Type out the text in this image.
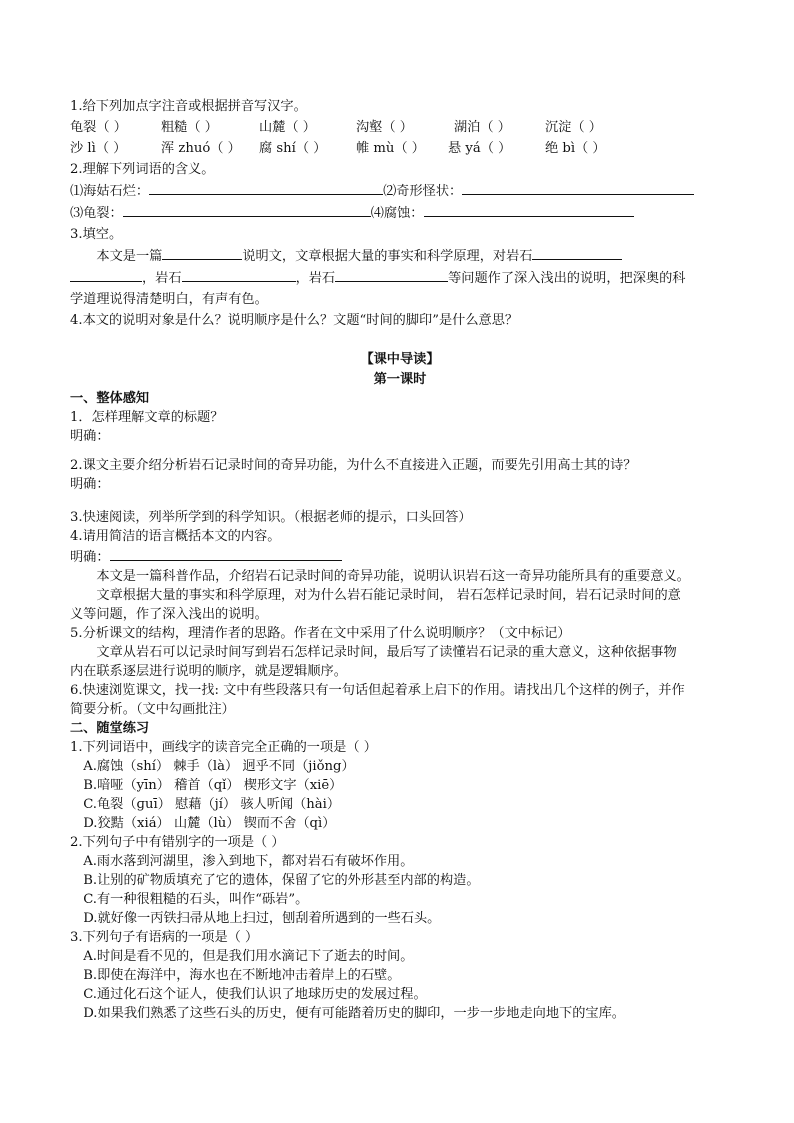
1.给下列加点字注音或根据拼音写汉字。
龟裂（ ）	粗糙（ ）	山麓（ ）	沟壑（ ）	湖泊（ ）	沉淀（ ）
沙 lì（ ）	浑 zhuó（ ） 腐 shí（ ） 帷 mù（ ） 悬 yá（ ）	绝 bì（ ）
2.理解下列词语的含义。
⑴海姑石烂：	⑵奇形怪状：
⑶龟裂：	⑷腐蚀：
3.填空。
本文是一篇	说明文，文章根据大量的事实和科学原理，对岩石
，岩石	，岩石	等问题作了深入浅出的说明，把深奥的科
学道理说得清楚明白，有声有色。
4.本文的说明对象是什么？说明顺序是什么？文题“时间的脚印”是什么意思？
【课中导读】
第一课时
一、整体感知
1．怎样理解文章的标题？
明确：
2.课文主要介绍分析岩石记录时间的奇异功能，为什么不直接进入正题，而要先引用高士其的诗？
明确：
3.快速阅读，列举所学到的科学知识。（根据老师的提示，口头回答）
4.请用简洁的语言概括本文的内容。
明确：
本文是一篇科普作品，介绍岩石记录时间的奇异功能，说明认识岩石这一奇异功能所具有的重要意义。
文章根据大量的事实和科学原理，对为什么岩石能记录时间， 岩石怎样记录时间，岩石记录时间的意
义等问题，作了深入浅出的说明。
5.分析课文的结构，理清作者的思路。作者在文中采用了什么说明顺序？（文中标记）
文章从岩石可以记录时间写到岩石怎样记录时间，最后写了读懂岩石记录的重大意义，这种依据事物
内在联系逐层进行说明的顺序，就是逻辑顺序。
6.快速浏览课文，找一找: 文中有些段落只有一句话但起着承上启下的作用。请找出几个这样的例子，并作
简要分析。（文中勾画批注）
二、随堂练习
1.下列词语中，画线字的读音完全正确的一项是（ ）
A.腐蚀（shí） 棘手（là） 迥乎不同（jiǒng）
B.喑哑（yīn） 稽首（qǐ） 楔形文字（xiē）
C.龟裂（ɡuī） 慰藉（jí） 骇人听闻（hài）
D.狡黠（xiá） 山麓（lù） 锲而不舍（qì）
2.下列句子中有错别字的一项是（ ）
A.雨水落到河湖里，渗入到地下，都对岩石有破坏作用。
B.让别的矿物质填充了它的遗体，保留了它的外形甚至内部的构造。
C.有一种很粗糙的石头，叫作“砾岩”。
D.就好像一丙铁扫帚从地上扫过，刨刮着所遇到的一些石头。
3.下列句子有语病的一项是（ ）
A.时间是看不见的，但是我们用水滴记下了逝去的时间。
B.即使在海洋中，海水也在不断地冲击着岸上的石壁。
C.通过化石这个证人，使我们认识了地球历史的发展过程。
D.如果我们熟悉了这些石头的历史，便有可能踏着历史的脚印，一步一步地走向地下的宝库。
